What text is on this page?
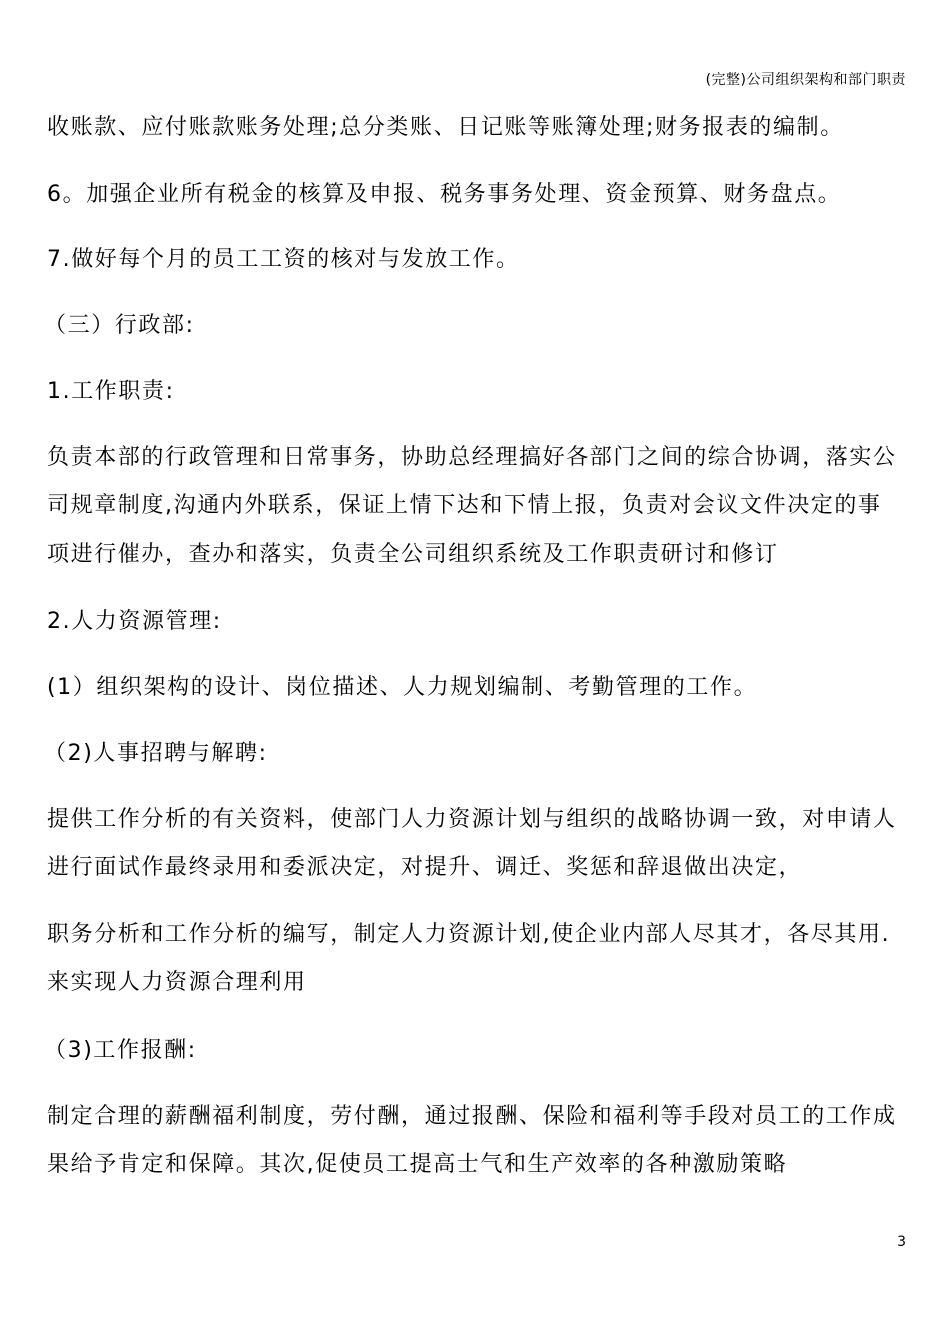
(完整)公司组织架构和部门职责
收账款、应付账款账务处理;总分类账、日记账等账簿处理;财务报表的编制。
6。加强企业所有税金的核算及申报、税务事务处理、资金预算、财务盘点。
7.做好每个月的员工工资的核对与发放工作。
（三）行政部:
1.工作职责:
负责本部的行政管理和日常事务，协助总经理搞好各部门之间的综合协调，落实公
司规章制度,沟通内外联系，保证上情下达和下情上报，负责对会议文件决定的事
项进行催办，查办和落实，负责全公司组织系统及工作职责研讨和修订
2.人力资源管理:
(1）组织架构的设计、岗位描述、人力规划编制、考勤管理的工作。
（2)人事招聘与解聘:
提供工作分析的有关资料，使部门人力资源计划与组织的战略协调一致，对申请人
进行面试作最终录用和委派决定，对提升、调迁、奖惩和辞退做出决定，
职务分析和工作分析的编写，制定人力资源计划,使企业内部人尽其才，各尽其用.
来实现人力资源合理利用
（3)工作报酬:
制定合理的薪酬福利制度，劳付酬，通过报酬、保险和福利等手段对员工的工作成
果给予肯定和保障。其次,促使员工提高士气和生产效率的各种激励策略
3
